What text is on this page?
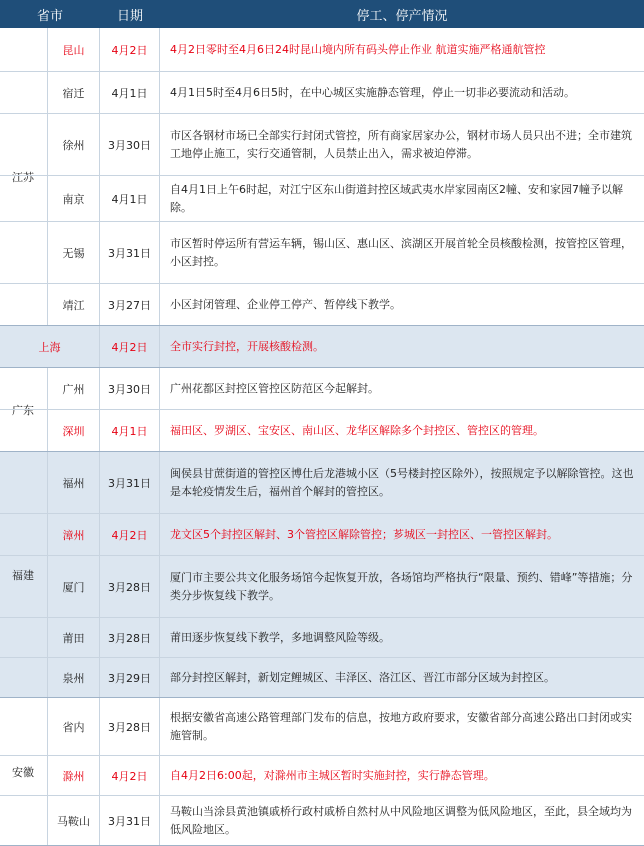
省市	日期	停工、停产情况
江苏
昆山 4月2日 4月2日零时至4月6日24时昆山境内所有码头停止作业 航道实施严格通航管控
宿迁 4月1日 4月1日5时至4月6日5时，在中心城区实施静态管理，停止一切非必要流动和活动。
徐州 3月30日
市区各钢材市场已全部实行封闭式管控，所有商家居家办公，钢材市场人员只出不进；全市建筑工地停止施工，实行交通管制，人员禁止出入，需求被迫停滞。
南京 4月1日
自4月1日上午6时起，对江宁区东山街道封控区域武夷水岸家园南区2幢、安和家园7幢予以解除。
无锡 3月31日
市区暂时停运所有营运车辆，锡山区、惠山区、滨湖区开展首轮全员核酸检测，按管控区管理，小区封控。
靖江 3月27日 小区封闭管理、企业停工停产、暂停线下教学。
上海	4月2日 全市实行封控，开展核酸检测。
广东
广州 3月30日 广州花都区封控区管控区防范区今起解封。
深圳 4月1日 福田区、罗湖区、宝安区、南山区、龙华区解除多个封控区、管控区的管理。
福建
福州 3月31日
闽侯县甘蔗街道的管控区博仕后龙港城小区（5号楼封控区除外），按照规定予以解除管控。这也是本轮疫情发生后，福州首个解封的管控区。
漳州 4月2日 龙文区5个封控区解封、3个管控区解除管控；芗城区一封控区、一管控区解封。
厦门 3月28日
厦门市主要公共文化服务场馆今起恢复开放，各场馆均严格执行“限量、预约、错峰”等措施；分类分步恢复线下教学。
莆田 3月28日 莆田逐步恢复线下教学，多地调整风险等级。
泉州 3月29日 部分封控区解封，新划定鲤城区、丰泽区、洛江区、晋江市部分区域为封控区。
安徽
省内 3月28日
根据安徽省高速公路管理部门发布的信息，按地方政府要求，安徽省部分高速公路出口封闭或实施管制。
滁州 4月2日 自4月2日6:00起，对滁州市主城区暂时实施封控，实行静态管理。
马鞍山 3月31日
马鞍山当涂县黄池镇戚桥行政村戚桥自然村从中风险地区调整为低风险地区，至此，县全域均为低风险地区。
